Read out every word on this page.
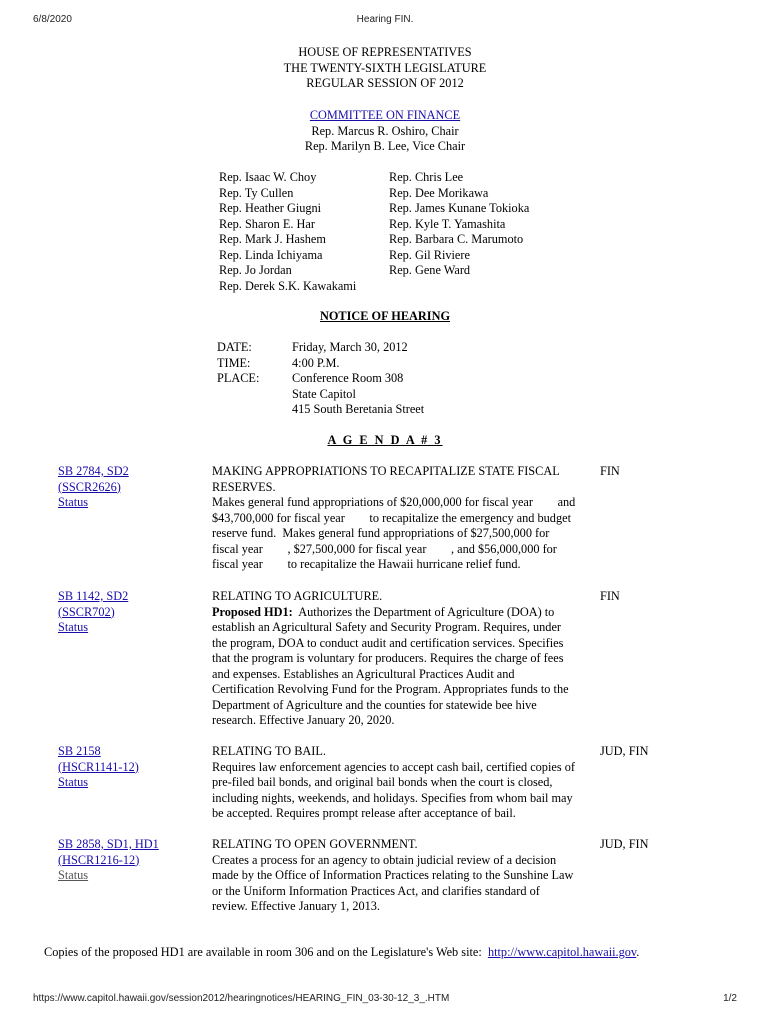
6/8/2020	Hearing FIN.
HOUSE OF REPRESENTATIVES
THE TWENTY-SIXTH LEGISLATURE
REGULAR SESSION OF 2012
COMMITTEE ON FINANCE
Rep. Marcus R. Oshiro, Chair
Rep. Marilyn B. Lee, Vice Chair
Rep. Isaac W. Choy
Rep. Ty Cullen
Rep. Heather Giugni
Rep. Sharon E. Har
Rep. Mark J. Hashem
Rep. Linda Ichiyama
Rep. Jo Jordan
Rep. Derek S.K. Kawakami
Rep. Chris Lee
Rep. Dee Morikawa
Rep. James Kunane Tokioka
Rep. Kyle T. Yamashita
Rep. Barbara C. Marumoto
Rep. Gil Riviere
Rep. Gene Ward
NOTICE OF HEARING
DATE:
TIME:
PLACE:
Friday, March 30, 2012
4:00 P.M.
Conference Room 308
State Capitol
415 South Beretania Street
A G E N D A # 3
SB 2784, SD2
(SSCR2626)
Status
MAKING APPROPRIATIONS TO RECAPITALIZE STATE FISCAL
RESERVES.
Makes general fund appropriations of $20,000,000 for fiscal year        and
$43,700,000 for fiscal year        to recapitalize the emergency and budget
reserve fund.  Makes general fund appropriations of $27,500,000 for
fiscal year        , $27,500,000 for fiscal year        , and $56,000,000 for
fiscal year        to recapitalize the Hawaii hurricane relief fund.
FIN
SB 1142, SD2
(SSCR702)
Status
RELATING TO AGRICULTURE.
Proposed HD1: Authorizes the Department of Agriculture (DOA) to
establish an Agricultural Safety and Security Program. Requires, under
the program, DOA to conduct audit and certification services. Specifies
that the program is voluntary for producers. Requires the charge of fees
and expenses. Establishes an Agricultural Practices Audit and
Certification Revolving Fund for the Program. Appropriates funds to the
Department of Agriculture and the counties for statewide bee hive
research. Effective January 20, 2020.
FIN
SB 2158
(HSCR1141-12)
Status
RELATING TO BAIL.
Requires law enforcement agencies to accept cash bail, certified copies of
pre-filed bail bonds, and original bail bonds when the court is closed,
including nights, weekends, and holidays. Specifies from whom bail may
be accepted. Requires prompt release after acceptance of bail.
JUD, FIN
SB 2858, SD1, HD1
(HSCR1216-12)
Status
RELATING TO OPEN GOVERNMENT.
Creates a process for an agency to obtain judicial review of a decision
made by the Office of Information Practices relating to the Sunshine Law
or the Uniform Information Practices Act, and clarifies standard of
review. Effective January 1, 2013.
JUD, FIN
Copies of the proposed HD1 are available in room 306 and on the Legislature's Web site: http://www.capitol.hawaii.gov.
https://www.capitol.hawaii.gov/session2012/hearingnotices/HEARING_FIN_03-30-12_3_.HTM	1/2
